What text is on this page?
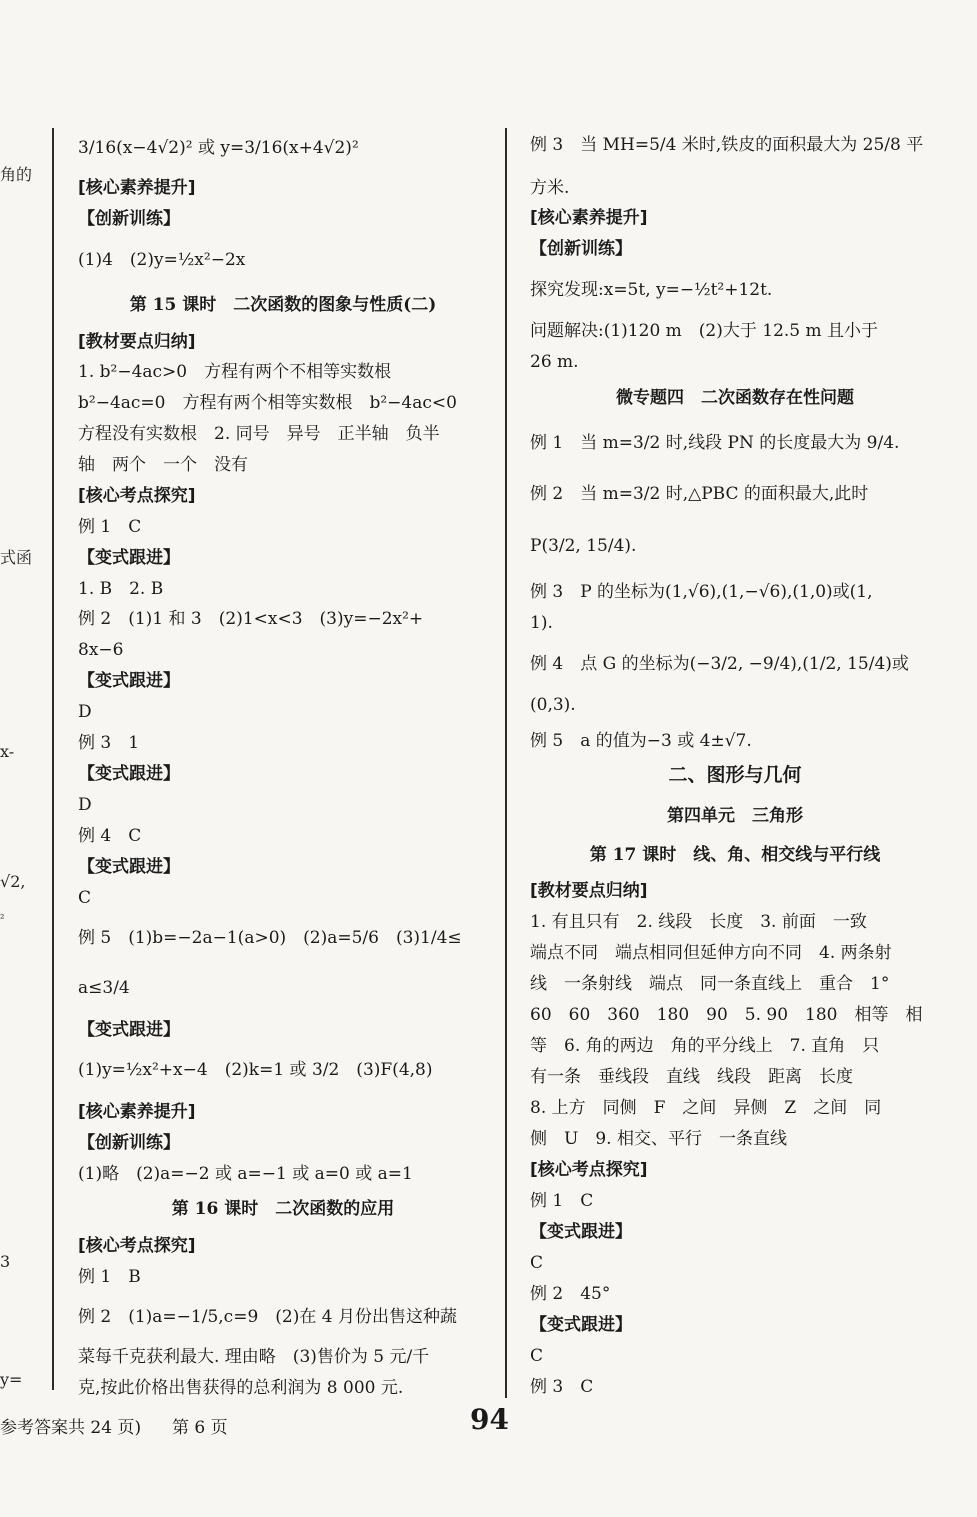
角的
式函
x-
√2,
²
3
y=
3/16(x−4√2)² 或 y=3/16(x+4√2)²
[核心素养提升]
【创新训练】
(1)4　(2)y=½x²−2x
第 15 课时　二次函数的图象与性质(二)
[教材要点归纳]
1. b²−4ac>0　方程有两个不相等实数根
b²−4ac=0　方程有两个相等实数根　b²−4ac<0
方程没有实数根　2. 同号　异号　正半轴　负半
轴　两个　一个　没有
[核心考点探究]
例 1　C
【变式跟进】
1. B　2. B
例 2　(1)1 和 3　(2)1<x<3　(3)y=−2x²+
8x−6
【变式跟进】
D
例 3　1
【变式跟进】
D
例 4　C
【变式跟进】
C
例 5　(1)b=−2a−1(a>0)　(2)a=5/6　(3)1/4≤
a≤3/4
【变式跟进】
(1)y=½x²+x−4　(2)k=1 或 3/2　(3)F(4,8)
[核心素养提升]
【创新训练】
(1)略　(2)a=−2 或 a=−1 或 a=0 或 a=1
第 16 课时　二次函数的应用
[核心考点探究]
例 1　B
例 2　(1)a=−1/5,c=9　(2)在 4 月份出售这种蔬
菜每千克获利最大. 理由略　(3)售价为 5 元/千
克,按此价格出售获得的总利润为 8 000 元.
例 3　当 MH=5/4 米时,铁皮的面积最大为 25/8 平
方米.
[核心素养提升]
【创新训练】
探究发现:x=5t, y=−½t²+12t.
问题解决:(1)120 m　(2)大于 12.5 m 且小于
26 m.
微专题四　二次函数存在性问题
例 1　当 m=3/2 时,线段 PN 的长度最大为 9/4.
例 2　当 m=3/2 时,△PBC 的面积最大,此时
P(3/2, 15/4).
例 3　P 的坐标为(1,√6),(1,−√6),(1,0)或(1,
1).
例 4　点 G 的坐标为(−3/2, −9/4),(1/2, 15/4)或
(0,3).
例 5　a 的值为−3 或 4±√7.
二、图形与几何
第四单元　三角形
第 17 课时　线、角、相交线与平行线
[教材要点归纳]
1. 有且只有　2. 线段　长度　3. 前面　一致
端点不同　端点相同但延伸方向不同　4. 两条射
线　一条射线　端点　同一条直线上　重合　1°
60　60　360　180　90　5. 90　180　相等　相
等　6. 角的两边　角的平分线上　7. 直角　只
有一条　垂线段　直线　线段　距离　长度
8. 上方　同侧　F　之间　异侧　Z　之间　同
侧　U　9. 相交、平行　一条直线
[核心考点探究]
例 1　C
【变式跟进】
C
例 2　45°
【变式跟进】
C
例 3　C
参考答案共 24 页) 第 6 页	94
